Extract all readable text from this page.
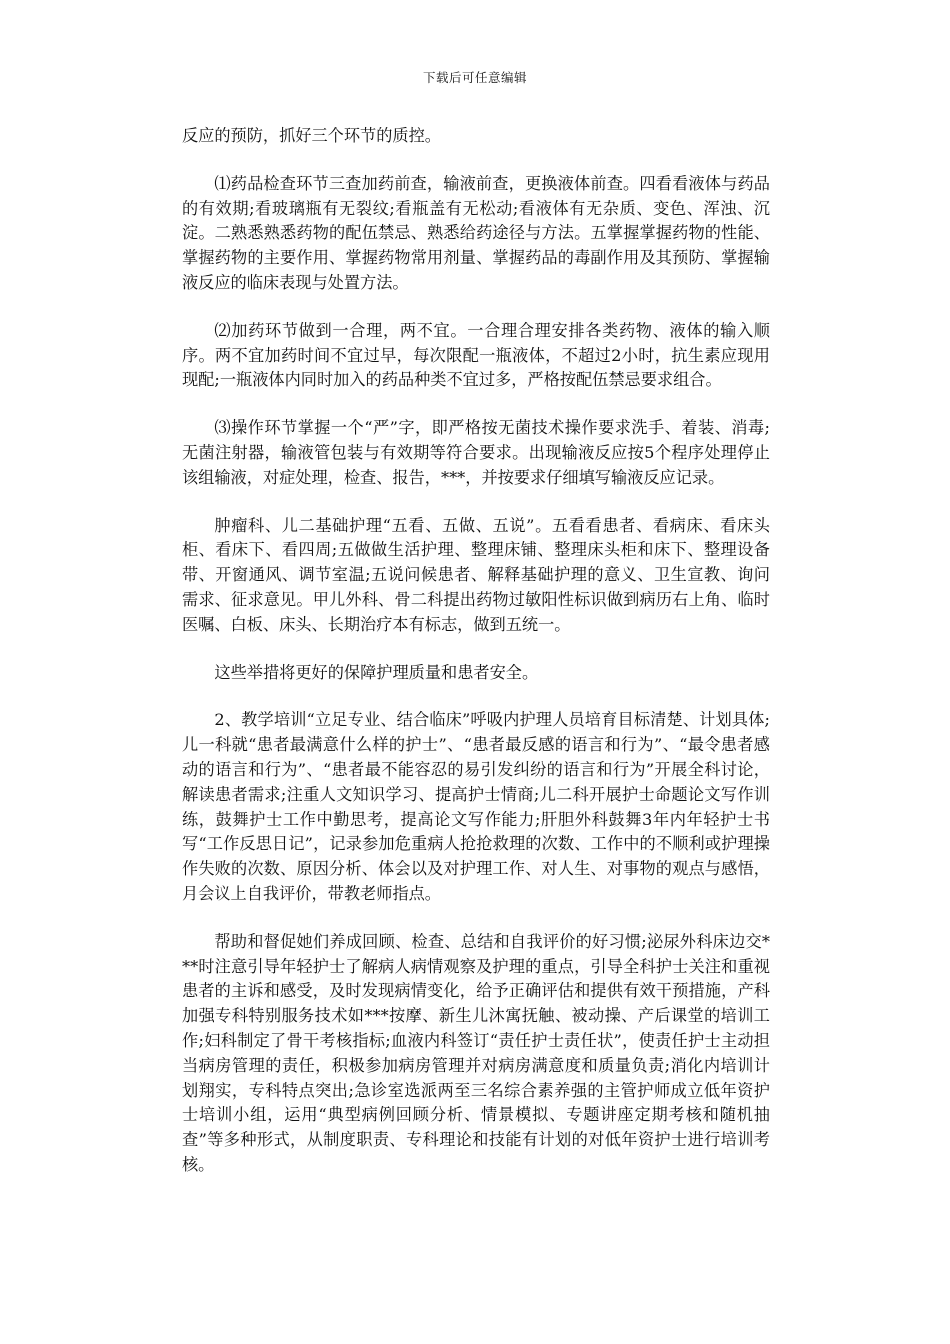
下载后可任意编辑

反应的预防，抓好三个环节的质控。

⑴药品检查环节三查加药前查，输液前查，更换液体前查。四看看液体与药品的有效期;看玻璃瓶有无裂纹;看瓶盖有无松动;看液体有无杂质、变色、浑浊、沉淀。二熟悉熟悉药物的配伍禁忌、熟悉给药途径与方法。五掌握掌握药物的性能、掌握药物的主要作用、掌握药物常用剂量、掌握药品的毒副作用及其预防、掌握输液反应的临床表现与处置方法。

⑵加药环节做到一合理，两不宜。一合理合理安排各类药物、液体的输入顺序。两不宜加药时间不宜过早，每次限配一瓶液体，不超过2小时，抗生素应现用现配;一瓶液体内同时加入的药品种类不宜过多，严格按配伍禁忌要求组合。

⑶操作环节掌握一个“严”字，即严格按无菌技术操作要求洗手、着装、消毒;无菌注射器，输液管包装与有效期等符合要求。出现输液反应按5个程序处理停止该组输液，对症处理，检查、报告，***，并按要求仔细填写输液反应记录。

肿瘤科、儿二基础护理“五看、五做、五说”。五看看患者、看病床、看床头柜、看床下、看四周;五做做生活护理、整理床铺、整理床头柜和床下、整理设备带、开窗通风、调节室温;五说问候患者、解释基础护理的意义、卫生宣教、询问需求、征求意见。甲儿外科、骨二科提出药物过敏阳性标识做到病历右上角、临时医嘱、白板、床头、长期治疗本有标志，做到五统一。

这些举措将更好的保障护理质量和患者安全。

2、教学培训“立足专业、结合临床”呼吸内护理人员培育目标清楚、计划具体;儿一科就“患者最满意什么样的护士”、“患者最反感的语言和行为”、“最令患者感动的语言和行为”、“患者最不能容忍的易引发纠纷的语言和行为”开展全科讨论，解读患者需求;注重人文知识学习、提高护士情商;儿二科开展护士命题论文写作训练，鼓舞护士工作中勤思考，提高论文写作能力;肝胆外科鼓舞3年内年轻护士书写“工作反思日记”，记录参加危重病人抢抢救理的次数、工作中的不顺利或护理操作失败的次数、原因分析、体会以及对护理工作、对人生、对事物的观点与感悟，月会议上自我评价，带教老师指点。

帮助和督促她们养成回顾、检查、总结和自我评价的好习惯;泌尿外科床边交***时注意引导年轻护士了解病人病情观察及护理的重点，引导全科护士关注和重视患者的主诉和感受，及时发现病情变化，给予正确评估和提供有效干预措施，产科加强专科特别服务技术如***按摩、新生儿沐寓抚触、被动操、产后课堂的培训工作;妇科制定了骨干考核指标;血液内科签订“责任护士责任状”，使责任护士主动担当病房管理的责任，积极参加病房管理并对病房满意度和质量负责;消化内培训计划翔实，专科特点突出;急诊室选派两至三名综合素养强的主管护师成立低年资护士培训小组，运用“典型病例回顾分析、情景模拟、专题讲座定期考核和随机抽查”等多种形式，从制度职责、专科理论和技能有计划的对低年资护士进行培训考核。
